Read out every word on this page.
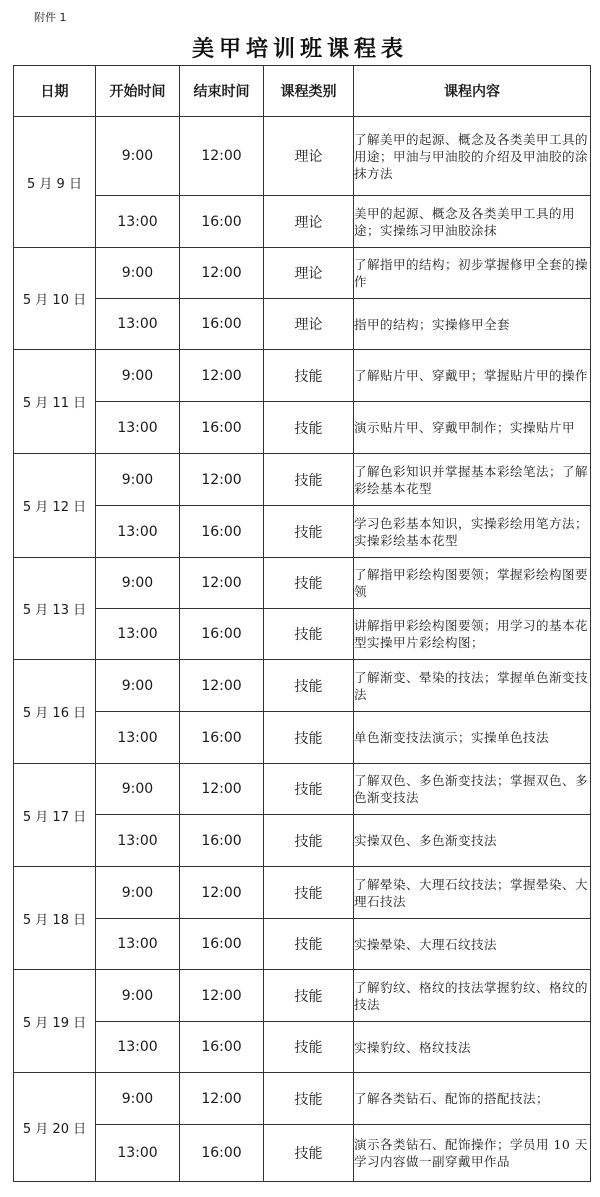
附件 1
美甲培训班课程表
日期	开始时间	结束时间	课程类别	课程内容
5 月 9 日	9:00	12:00	理论	了解美甲的起源、概念及各类美甲工具的用途；甲油与甲油胶的介绍及甲油胶的涂抹方法
	13:00	16:00	理论	美甲的起源、概念及各类美甲工具的用途；实操练习甲油胶涂抹
5 月 10 日	9:00	12:00	理论	了解指甲的结构；初步掌握修甲全套的操作
	13:00	16:00	理论	指甲的结构；实操修甲全套
5 月 11 日	9:00	12:00	技能	了解贴片甲、穿戴甲；掌握贴片甲的操作
	13:00	16:00	技能	演示贴片甲、穿戴甲制作；实操贴片甲
5 月 12 日	9:00	12:00	技能	了解色彩知识并掌握基本彩绘笔法；了解彩绘基本花型
	13:00	16:00	技能	学习色彩基本知识，实操彩绘用笔方法；实操彩绘基本花型
5 月 13 日	9:00	12:00	技能	了解指甲彩绘构图要领；掌握彩绘构图要领
	13:00	16:00	技能	讲解指甲彩绘构图要领；用学习的基本花型实操甲片彩绘构图；
5 月 16 日	9:00	12:00	技能	了解渐变、晕染的技法；掌握单色渐变技法
	13:00	16:00	技能	单色渐变技法演示；实操单色技法
5 月 17 日	9:00	12:00	技能	了解双色、多色渐变技法；掌握双色、多色渐变技法
	13:00	16:00	技能	实操双色、多色渐变技法
5 月 18 日	9:00	12:00	技能	了解晕染、大理石纹技法；掌握晕染、大理石技法
	13:00	16:00	技能	实操晕染、大理石纹技法
5 月 19 日	9:00	12:00	技能	了解豹纹、格纹的技法掌握豹纹、格纹的技法
	13:00	16:00	技能	实操豹纹、格纹技法
5 月 20 日	9:00	12:00	技能	了解各类钻石、配饰的搭配技法；
	13:00	16:00	技能	演示各类钻石、配饰操作；学员用 10 天学习内容做一副穿戴甲作品
